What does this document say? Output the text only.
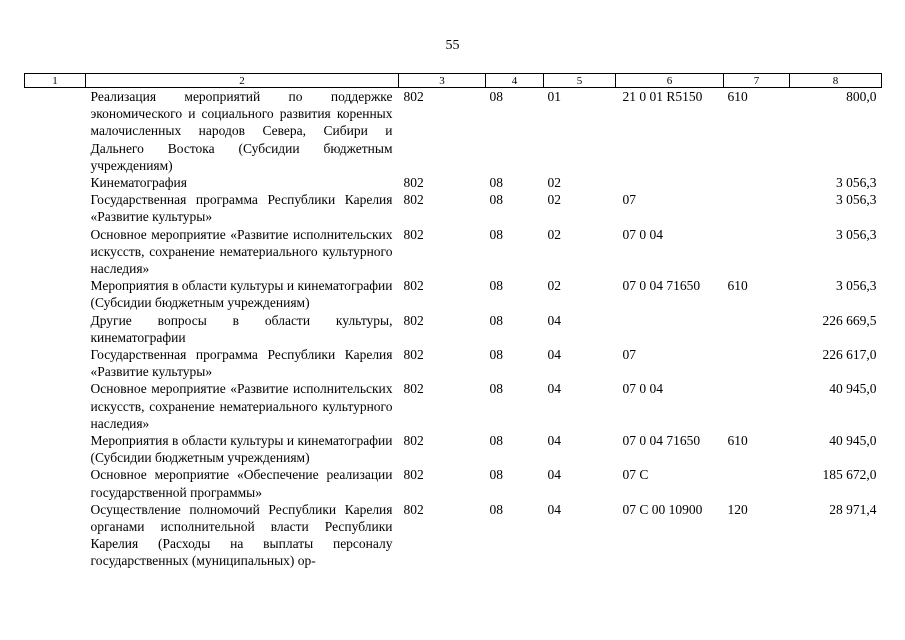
55
1	2	3	4	5	6	7	8
	Реализация мероприятий по поддержке экономического и социального развития коренных малочисленных народов Севера, Сибири и Дальнего Востока (Субсидии бюджетным учреждениям)	802	08	01	21 0 01 R5150	610	800,0
	Кинематография	802	08	02			3 056,3
	Государственная программа Республики Карелия «Развитие культуры»	802	08	02	07		3 056,3
	Основное мероприятие «Развитие исполнительских искусств, сохранение нематериального культурного наследия»	802	08	02	07 0 04		3 056,3
	Мероприятия в области культуры и кинематографии (Субсидии бюджетным учреждениям)	802	08	02	07 0 04 71650	610	3 056,3
	Другие вопросы в области культуры, кинематографии	802	08	04			226 669,5
	Государственная программа Республики Карелия «Развитие культуры»	802	08	04	07		226 617,0
	Основное мероприятие «Развитие исполнительских искусств, сохранение нематериального культурного наследия»	802	08	04	07 0 04		40 945,0
	Мероприятия в области культуры и кинематографии (Субсидии бюджетным учреждениям)	802	08	04	07 0 04 71650	610	40 945,0
	Основное мероприятие «Обеспечение реализации государственной программы»	802	08	04	07 С		185 672,0
	Осуществление полномочий Республики Карелия органами исполнительной власти Республики Карелия (Расходы на выплаты персоналу государственных (муниципальных) ор-	802	08	04	07 С 00 10900	120	28 971,4
